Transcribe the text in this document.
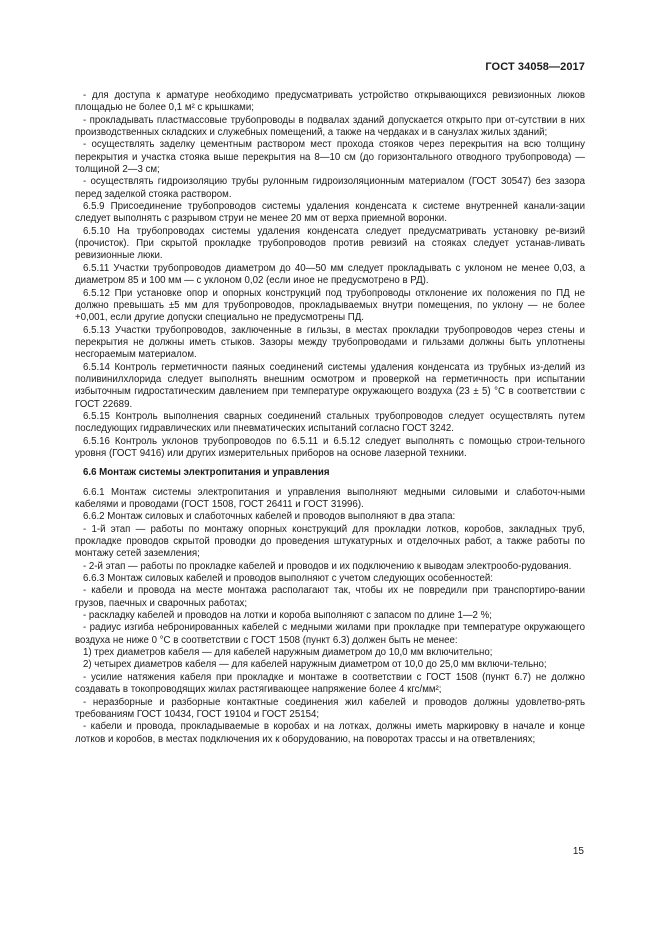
ГОСТ 34058—2017

- для доступа к арматуре необходимо предусматривать устройство открывающихся ревизионных люков площадью не более 0,1 м² с крышками;

- прокладывать пластмассовые трубопроводы в подвалах зданий допускается открыто при от-сутствии в них производственных складских и служебных помещений, а также на чердаках и в санузлах жилых зданий;

- осуществлять заделку цементным раствором мест прохода стояков через перекрытия на всю толщину перекрытия и участка стояка выше перекрытия на 8—10 см (до горизонтального отводного трубопровода) — толщиной 2—3 см;

- осуществлять гидроизоляцию трубы рулонным гидроизоляционным материалом (ГОСТ 30547) без зазора перед заделкой стояка раствором.

6.5.9 Присоединение трубопроводов системы удаления конденсата к системе внутренней канали-зации следует выполнять с разрывом струи не менее 20 мм от верха приемной воронки.

6.5.10 На трубопроводах системы удаления конденсата следует предусматривать установку ре-визий (прочисток). При скрытой прокладке трубопроводов против ревизий на стояках следует устанав-ливать ревизионные люки.

6.5.11 Участки трубопроводов диаметром до 40—50 мм следует прокладывать с уклоном не менее 0,03, а диаметром 85 и 100 мм — с уклоном 0,02 (если иное не предусмотрено в РД).

6.5.12 При установке опор и опорных конструкций под трубопроводы отклонение их положения по ПД не должно превышать ±5 мм для трубопроводов, прокладываемых внутри помещения, по уклону — не более +0,001, если другие допуски специально не предусмотрены ПД.

6.5.13 Участки трубопроводов, заключенные в гильзы, в местах прокладки трубопроводов через стены и перекрытия не должны иметь стыков. Зазоры между трубопроводами и гильзами должны быть уплотнены несгораемым материалом.

6.5.14 Контроль герметичности паяных соединений системы удаления конденсата из трубных из-делий из поливинилхлорида следует выполнять внешним осмотром и проверкой на герметичность при испытании избыточным гидростатическим давлением при температуре окружающего воздуха (23 ± 5) °С в соответствии с ГОСТ 22689.

6.5.15 Контроль выполнения сварных соединений стальных трубопроводов следует осуществлять путем последующих гидравлических или пневматических испытаний согласно ГОСТ 3242.

6.5.16 Контроль уклонов трубопроводов по 6.5.11 и 6.5.12 следует выполнять с помощью строи-тельного уровня (ГОСТ 9416) или других измерительных приборов на основе лазерной техники.

6.6 Монтаж системы электропитания и управления

6.6.1 Монтаж системы электропитания и управления выполняют медными силовыми и слаботоч-ными кабелями и проводами (ГОСТ 1508, ГОСТ 26411 и ГОСТ 31996).

6.6.2 Монтаж силовых и слаботочных кабелей и проводов выполняют в два этапа:

- 1-й этап — работы по монтажу опорных конструкций для прокладки лотков, коробов, закладных труб, прокладке проводов скрытой проводки до проведения штукатурных и отделочных работ, а также работы по монтажу сетей заземления;

- 2-й этап — работы по прокладке кабелей и проводов и их подключению к выводам электрообо-рудования.

6.6.3 Монтаж силовых кабелей и проводов выполняют с учетом следующих особенностей:

- кабели и провода на месте монтажа располагают так, чтобы их не повредили при транспортиро-вании грузов, паечных и сварочных работах;

- раскладку кабелей и проводов на лотки и короба выполняют с запасом по длине 1—2 %;

- радиус изгиба небронированных кабелей с медными жилами при прокладке при температуре окружающего воздуха не ниже 0 °С в соответствии с ГОСТ 1508 (пункт 6.3) должен быть не менее:

1) трех диаметров кабеля — для кабелей наружным диаметром до 10,0 мм включительно;

2) четырех диаметров кабеля — для кабелей наружным диаметром от 10,0 до 25,0 мм включи-тельно;

- усилие натяжения кабеля при прокладке и монтаже в соответствии с ГОСТ 1508 (пункт 6.7) не должно создавать в токопроводящих жилах растягивающее напряжение более 4 кгс/мм²;

- неразборные и разборные контактные соединения жил кабелей и проводов должны удовлетво-рять требованиям ГОСТ 10434, ГОСТ 19104 и ГОСТ 25154;

- кабели и провода, прокладываемые в коробах и на лотках, должны иметь маркировку в начале и конце лотков и коробов, в местах подключения их к оборудованию, на поворотах трассы и на ответвлениях;

15
